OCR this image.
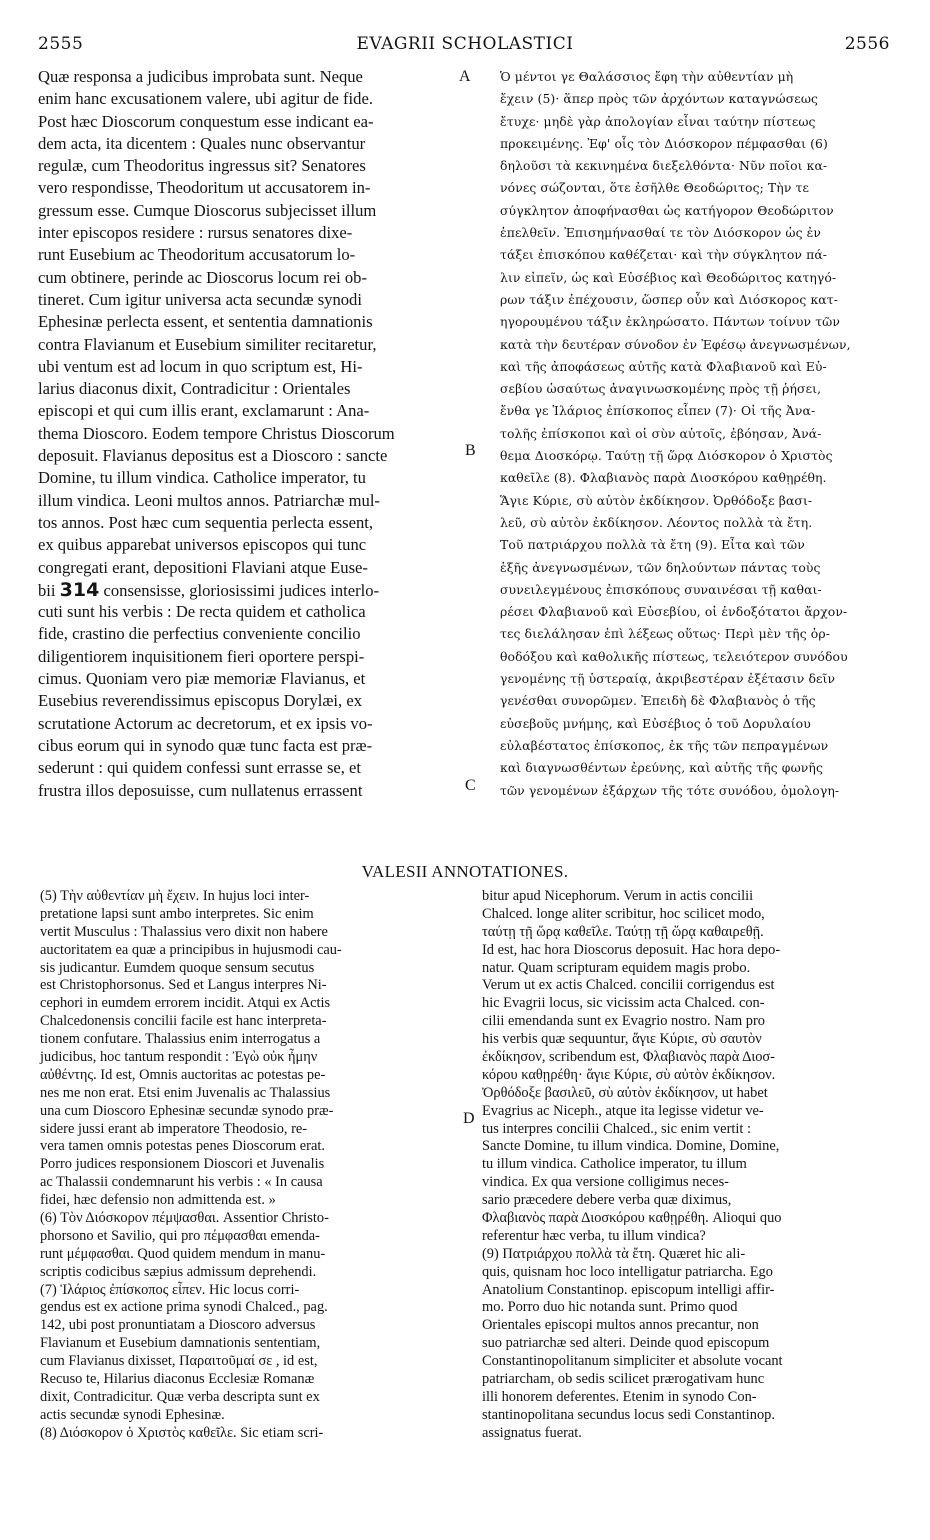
2555	EVAGRII SCHOLASTICI	2556
Quæ responsa a judicibus improbata sunt. Neque
enim hanc excusationem valere, ubi agitur de fide.
Post hæc Dioscorum conquestum esse indicant ea-
dem acta, ita dicentem : Quales nunc observantur
regulæ, cum Theodoritus ingressus sit? Senatores
vero respondisse, Theodoritum ut accusatorem in-
gressum esse. Cumque Dioscorus subjecisset illum
inter episcopos residere : rursus senatores dixe-
runt Eusebium ac Theodoritum accusatorum lo-
cum obtinere, perinde ac Dioscorus locum rei ob-
tineret. Cum igitur universa acta secundæ synodi
Ephesinæ perlecta essent, et sententia damnationis
contra Flavianum et Eusebium similiter recitaretur,
ubi ventum est ad locum in quo scriptum est, Hi-
larius diaconus dixit, Contradicitur : Orientales
episcopi et qui cum illis erant, exclamarunt : Ana-
thema Dioscoro. Eodem tempore Christus Dioscorum
deposuit. Flavianus depositus est a Dioscoro : sancte
Domine, tu illum vindica. Catholice imperator, tu
illum vindica. Leoni multos annos. Patriarchæ mul-
tos annos. Post hæc cum sequentia perlecta essent,
ex quibus apparebat universos episcopos qui tunc
congregati erant, depositioni Flaviani atque Euse-
bii 314 consensisse, gloriosissimi judices interlo-
cuti sunt his verbis : De recta quidem et catholica
fide, crastino die perfectius conveniente concilio
diligentiorem inquisitionem fieri oportere perspi-
cimus. Quoniam vero piæ memoriæ Flavianus, et
Eusebius reverendissimus episcopus Dorylæi, ex
scrutatione Actorum ac decretorum, et ex ipsis vo-
cibus eorum qui in synodo quæ tunc facta est præ-
sederunt : qui quidem confessi sunt errasse se, et
frustra illos deposuisse, cum nullatenus errassent
Ὁ μέντοι γε Θαλάσσιος ἔφη τὴν αὐθεντίαν μὴ
ἔχειν (5)· ἅπερ πρὸς τῶν ἀρχόντων καταγνώσεως
ἔτυχε· μηδὲ γὰρ ἀπολογίαν εἶναι ταύτην πίστεως
προκειμένης. Ἐφ' οἷς τὸν Διόσκορον πέμφασθαι (6)
δηλοῦσι τὰ κεκινημένα διεξελθόντα· Νῦν ποῖοι κα-
νόνες σώζονται, ὅτε ἐσῆλθε Θεοδώριτος; Τὴν τε
σύγκλητον ἀποφήνασθαι ὡς κατήγορον Θεοδώριτον
ἐπελθεῖν. Ἐπισημήνασθαί τε τὸν Διόσκορον ὡς ἐν
τάξει ἐπισκόπου καθέζεται· καὶ τὴν σύγκλητον πά-
λιν εἰπεῖν, ὡς καὶ Εὐσέβιος καὶ Θεοδώριτος κατηγό-
ρων τάξιν ἐπέχουσιν, ὥσπερ οὖν καὶ Διόσκορος κατ-
ηγορουμένου τάξιν ἐκληρώσατο. Πάντων τοίνυν τῶν
κατὰ τὴν δευτέραν σύνοδον ἐν Ἐφέσῳ ἀνεγνωσμένων,
καὶ τῆς ἀποφάσεως αὐτῆς κατὰ Φλαβιανοῦ καὶ Εὐ-
σεβίου ὡσαύτως ἀναγινωσκομένης πρὸς τῇ ῥήσει,
ἔνθα γε Ἱλάριος ἐπίσκοπος εἶπεν (7)· Οἱ τῆς Ἀνα-
τολῆς ἐπίσκοποι καὶ οἱ σὺν αὐτοῖς, ἐβόησαν, Ἀνά-
θεμα Διοσκόρῳ. Ταύτῃ τῇ ὥρᾳ Διόσκορον ὁ Χριστὸς
καθεῖλε (8). Φλαβιανὸς παρὰ Διοσκόρου καθῃρέθη.
Ἅγιε Κύριε, σὺ αὐτὸν ἐκδίκησον. Ὀρθόδοξε βασι-
λεῦ, σὺ αὐτὸν ἐκδίκησον. Λέοντος πολλὰ τὰ ἔτη.
Τοῦ πατριάρχου πολλὰ τὰ ἔτη (9). Εἶτα καὶ τῶν
ἑξῆς ἀνεγνωσμένων, τῶν δηλούντων πάντας τοὺς
συνειλεγμένους ἐπισκόπους συναινέσαι τῇ καθαι-
ρέσει Φλαβιανοῦ καὶ Εὐσεβίου, οἱ ἐνδοξότατοι ἄρχον-
τες διελάλησαν ἐπὶ λέξεως οὕτως· Περὶ μὲν τῆς ὀρ-
θοδόξου καὶ καθολικῆς πίστεως, τελειότερον συνόδου
γενομένης τῇ ὑστεραίᾳ, ἀκριβεστέραν ἐξέτασιν δεῖν
γενέσθαι συνορῶμεν. Ἐπειδὴ δὲ Φλαβιανὸς ὁ τῆς
εὐσεβοῦς μνήμης, καὶ Εὐσέβιος ὁ τοῦ Δορυλαίου
εὐλαβέστατος ἐπίσκοπος, ἐκ τῆς τῶν πεπραγμένων
καὶ διαγνωσθέντων ἐρεύνης, καὶ αὐτῆς τῆς φωνῆς
τῶν γενομένων ἐξάρχων τῆς τότε συνόδου, ὁμολογη-
A
B
C
D
VALESII ANNOTATIONES.
(5) Τὴν αὐθεντίαν μὴ ἔχειν. In hujus loci inter-
pretatione lapsi sunt ambo interpretes. Sic enim
vertit Musculus : Thalassius vero dixit non habere
auctoritatem ea quæ a principibus in hujusmodi cau-
sis judicantur. Eumdem quoque sensum secutus
est Christophorsonus. Sed et Langus interpres Ni-
cephori in eumdem errorem incidit. Atqui ex Actis
Chalcedonensis concilii facile est hanc interpreta-
tionem confutare. Thalassius enim interrogatus a
judicibus, hoc tantum respondit : Ἐγὼ οὐκ ἦμην
αὐθέντης. Id est, Omnis auctoritas ac potestas pe-
nes me non erat. Etsi enim Juvenalis ac Thalassius
una cum Dioscoro Ephesinæ secundæ synodo præ-
sidere jussi erant ab imperatore Theodosio, re-
vera tamen omnis potestas penes Dioscorum erat.
Porro judices responsionem Dioscori et Juvenalis
ac Thalassii condemnarunt his verbis : « In causa
fidei, hæc defensio non admittenda est. »
(6) Τὸν Διόσκορον πέμψασθαι. Assentior Christo-
phorsono et Savilio, qui pro πέμφασθαι emenda-
runt μέμφασθαι. Quod quidem mendum in manu-
scriptis codicibus sæpius admissum deprehendi.
(7) Ἱλάριος ἐπίσκοπος εἶπεν. Hic locus corri-
gendus est ex actione prima synodi Chalced., pag.
142, ubi post pronuntiatam a Dioscoro adversus
Flavianum et Eusebium damnationis sententiam,
cum Flavianus dixisset, Παραιτοῦμαί σε , id est,
Recuso te, Hilarius diaconus Ecclesiæ Romanæ
dixit, Contradicitur. Quæ verba descripta sunt ex
actis secundæ synodi Ephesinæ.
(8) Διόσκορον ὁ Χριστὸς καθεῖλε. Sic etiam scri-
bitur apud Nicephorum. Verum in actis concilii
Chalced. longe aliter scribitur, hoc scilicet modo,
ταύτῃ τῇ ὥρᾳ καθεῖλε. Ταύτῃ τῇ ὥρᾳ καθαιρεθῇ.
Id est, hac hora Dioscorus deposuit. Hac hora depo-
natur. Quam scripturam equidem magis probo.
Verum ut ex actis Chalced. concilii corrigendus est
hic Evagrii locus, sic vicissim acta Chalced. con-
cilii emendanda sunt ex Evagrio nostro. Nam pro
his verbis quæ sequuntur, ἅγιε Κύριε, σὺ σαυτὸν
ἐκδίκησον, scribendum est, Φλαβιανὸς παρὰ Διοσ-
κόρου καθῃρέθη· ἅγιε Κύριε, σὺ αὐτὸν ἐκδίκησον.
Ὀρθόδοξε βασιλεῦ, σὺ αὐτὸν ἐκδίκησον, ut habet
Evagrius ac Niceph., atque ita legisse videtur ve-
tus interpres concilii Chalced., sic enim vertit :
Sancte Domine, tu illum vindica. Domine, Domine,
tu illum vindica. Catholice imperator, tu illum
vindica. Ex qua versione colligimus neces-
sario præcedere debere verba quæ diximus,
Φλαβιανὸς παρὰ Διοσκόρου καθῃρέθη. Alioqui quo
referentur hæc verba, tu illum vindica?
(9) Πατριάρχου πολλὰ τὰ ἔτη. Quæret hic ali-
quis, quisnam hoc loco intelligatur patriarcha. Ego
Anatolium Constantinop. episcopum intelligi affir-
mo. Porro duo hic notanda sunt. Primo quod
Orientales episcopi multos annos precantur, non
suo patriarchæ sed alteri. Deinde quod episcopum
Constantinopolitanum simpliciter et absolute vocant
patriarcham, ob sedis scilicet prærogativam hunc
illi honorem deferentes. Etenim in synodo Con-
stantinopolitana secundus locus sedi Constantinop.
assignatus fuerat.
